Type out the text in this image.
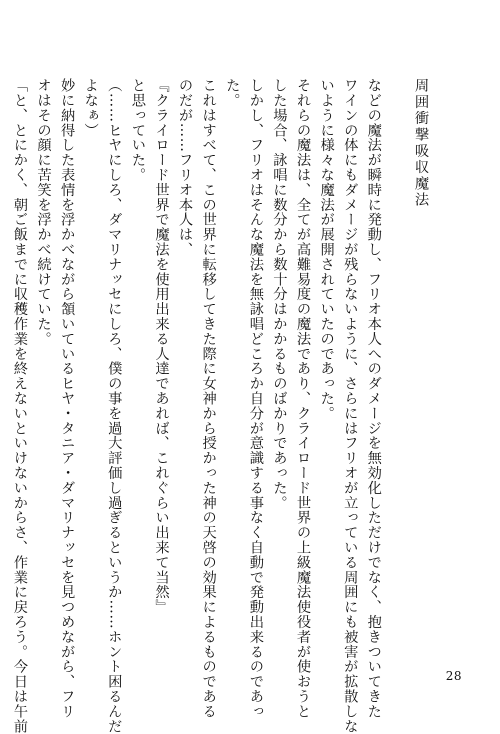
周囲衝撃吸収魔法

などの魔法が瞬時に発動し、フリオ本人へのダメージを無効化しただけでなく、抱きついてきた

ワインの体にもダメージが残らないように、さらにはフリオが立っている周囲にも被害が拡散しな

いように様々な魔法が展開されていたのであった。

それらの魔法は、全てが高難易度の魔法であり、クライロード世界の上級魔法使役者が使おうと

した場合、詠唱に数分から数十分はかかるものばかりであった。

しかし、フリオはそんな魔法を無詠唱どころか自分が意識する事なく自動で発動出来るのであっ

た。

これはすべて、この世界に転移してきた際に女神から授かった神の天啓の効果によるものである

のだが……フリオ本人は、

『クライロード世界で魔法を使用出来る人達であれば、これぐらい出来て当然』

と思っていた。

（……ヒヤにしろ、ダマリナッセにしろ、僕の事を過大評価し過ぎるというか……ホント困るんだ

よなぁ）

妙に納得した表情を浮かべながら頷いているヒヤ・タニア・ダマリナッセを見つめながら、フリ

オはその顔に苦笑を浮かべ続けていた。

「と、とにかく、朝ご飯までに収穫作業を終えないといけないからさ、作業に戻ろう。今日は午前	28
